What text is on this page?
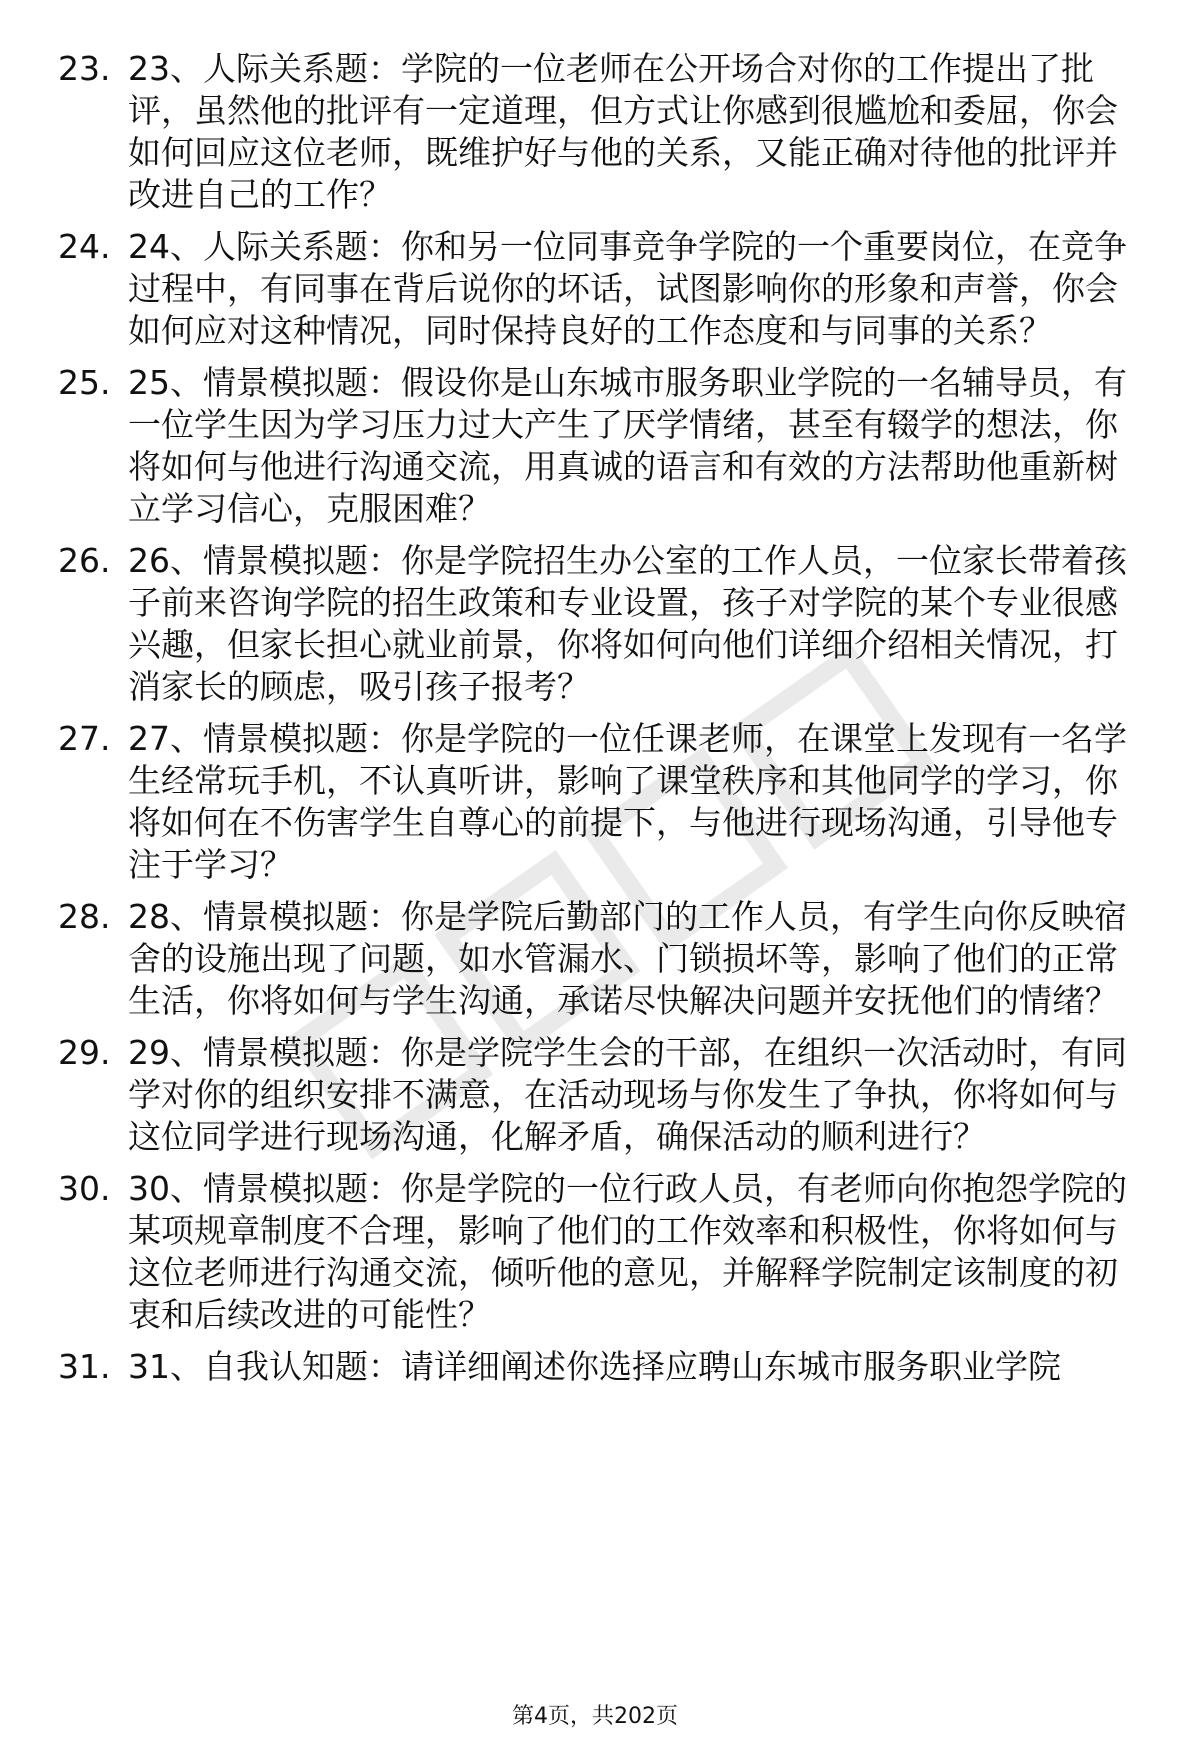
23. 23、人际关系题：学院的一位老师在公开场合对你的工作提出了批评，虽然他的批评有一定道理，但方式让你感到很尴尬和委屈，你会如何回应这位老师，既维护好与他的关系，又能正确对待他的批评并改进自己的工作？
24. 24、人际关系题：你和另一位同事竞争学院的一个重要岗位，在竞争过程中，有同事在背后说你的坏话，试图影响你的形象和声誉，你会如何应对这种情况，同时保持良好的工作态度和与同事的关系？
25. 25、情景模拟题：假设你是山东城市服务职业学院的一名辅导员，有一位学生因为学习压力过大产生了厌学情绪，甚至有辍学的想法，你将如何与他进行沟通交流，用真诚的语言和有效的方法帮助他重新树立学习信心，克服困难？
26. 26、情景模拟题：你是学院招生办公室的工作人员，一位家长带着孩子前来咨询学院的招生政策和专业设置，孩子对学院的某个专业很感兴趣，但家长担心就业前景，你将如何向他们详细介绍相关情况，打消家长的顾虑，吸引孩子报考？
27. 27、情景模拟题：你是学院的一位任课老师，在课堂上发现有一名学生经常玩手机，不认真听讲，影响了课堂秩序和其他同学的学习，你将如何在不伤害学生自尊心的前提下，与他进行现场沟通，引导他专注于学习？
28. 28、情景模拟题：你是学院后勤部门的工作人员，有学生向你反映宿舍的设施出现了问题，如水管漏水、门锁损坏等，影响了他们的正常生活，你将如何与学生沟通，承诺尽快解决问题并安抚他们的情绪？
29. 29、情景模拟题：你是学院学生会的干部，在组织一次活动时，有同学对你的组织安排不满意，在活动现场与你发生了争执，你将如何与这位同学进行现场沟通，化解矛盾，确保活动的顺利进行？
30. 30、情景模拟题：你是学院的一位行政人员，有老师向你抱怨学院的某项规章制度不合理，影响了他们的工作效率和积极性，你将如何与这位老师进行沟通交流，倾听他的意见，并解释学院制定该制度的初衷和后续改进的可能性？
31. 31、自我认知题：请详细阐述你选择应聘山东城市服务职业学院
第4页，共202页
